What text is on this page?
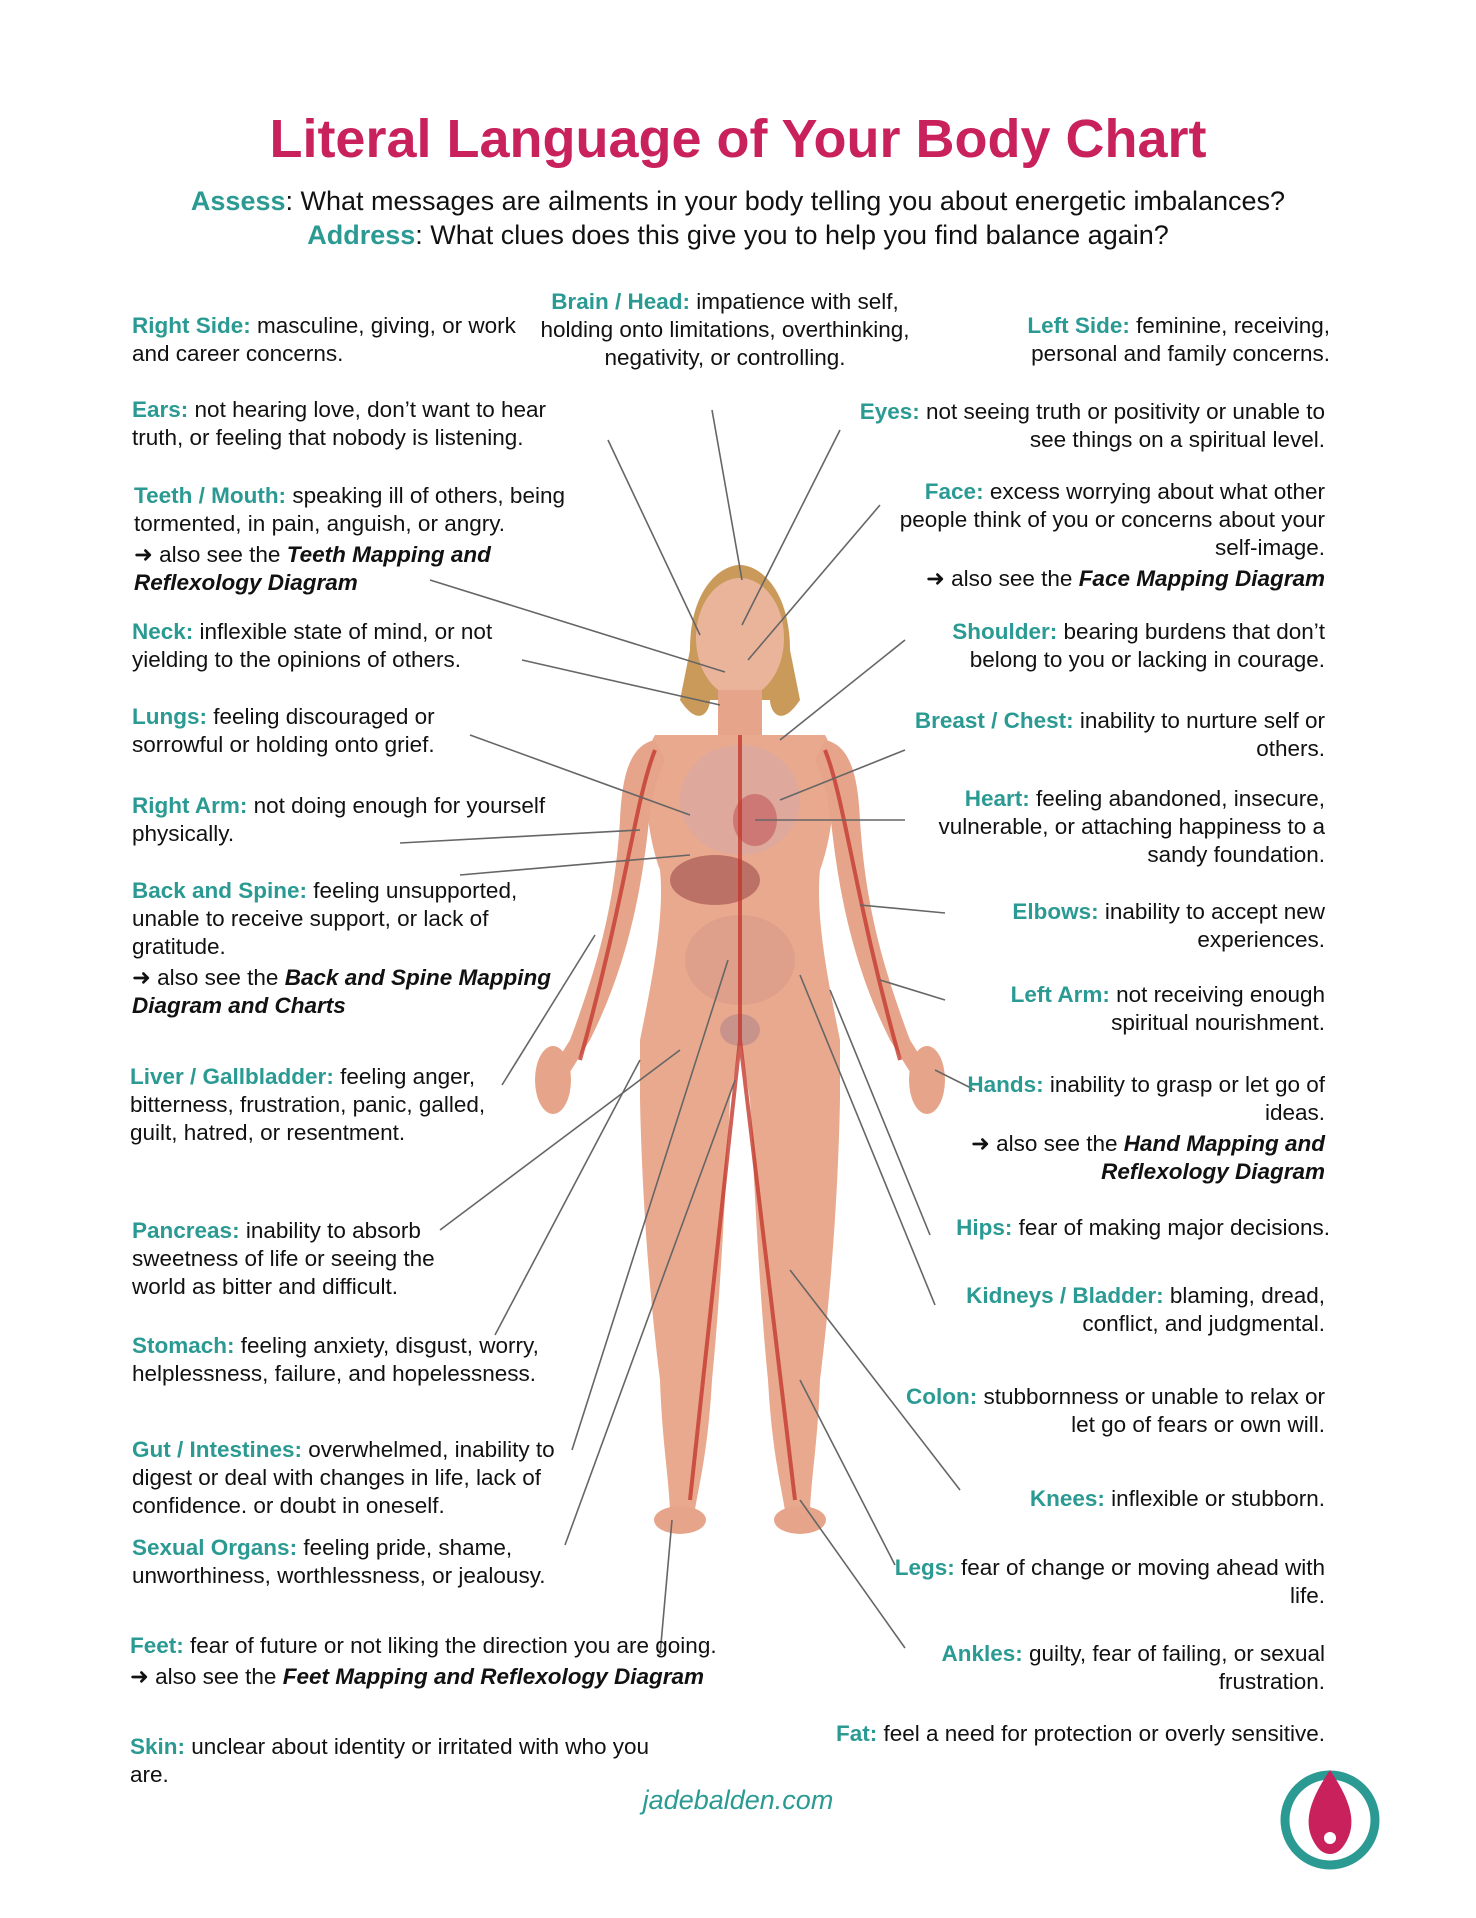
Literal Language of Your Body Chart
Assess: What messages are ailments in your body telling you about energetic imbalances?
Address: What clues does this give you to help you find balance again?
Right Side: masculine, giving, or work and career concerns.
Ears: not hearing love, don’t want to hear truth, or feeling that nobody is listening.
Teeth / Mouth: speaking ill of others, being tormented, in pain, anguish, or angry.
➜ also see the Teeth Mapping and Reflexology Diagram
Neck: inflexible state of mind, or not yielding to the opinions of others.
Lungs: feeling discouraged or sorrowful or holding onto grief.
Right Arm: not doing enough for yourself physically.
Back and Spine: feeling unsupported, unable to receive support, or lack of gratitude.
➜ also see the Back and Spine Mapping Diagram and Charts
Liver / Gallbladder: feeling anger, bitterness, frustration, panic, galled, guilt, hatred, or resentment.
Pancreas: inability to absorb sweetness of life or seeing the world as bitter and difficult.
Stomach: feeling anxiety, disgust, worry, helplessness, failure, and hopelessness.
Gut / Intestines: overwhelmed, inability to digest or deal with changes in life, lack of confidence. or doubt in oneself.
Sexual Organs: feeling pride, shame, unworthiness, worthlessness, or jealousy.
Feet: fear of future or not liking the direction you are going.
➜ also see the Feet Mapping and Reflexology Diagram
Skin: unclear about identity or irritated with who you are.
Brain / Head: impatience with self, holding onto limitations, overthinking, negativity, or controlling.
Left Side: feminine, receiving, personal and family concerns.
Eyes: not seeing truth or positivity or unable to see things on a spiritual level.
Face: excess worrying about what other people think of you or concerns about your self-image.
➜ also see the Face Mapping Diagram
Shoulder: bearing burdens that don’t belong to you or lacking in courage.
Breast / Chest: inability to nurture self or others.
Heart: feeling abandoned, insecure, vulnerable, or attaching happiness to a sandy foundation.
Elbows: inability to accept new experiences.
Left Arm: not receiving enough spiritual nourishment.
Hands: inability to grasp or let go of ideas.
➜ also see the Hand Mapping and Reflexology Diagram
Hips: fear of making major decisions.
Kidneys / Bladder: blaming, dread, conflict, and judgmental.
Colon: stubbornness or unable to relax or let go of fears or own will.
Knees: inflexible or stubborn.
Legs: fear of change or moving ahead with life.
Ankles: guilty, fear of failing, or sexual frustration.
Fat: feel a need for protection or overly sensitive.
jadebalden.com
